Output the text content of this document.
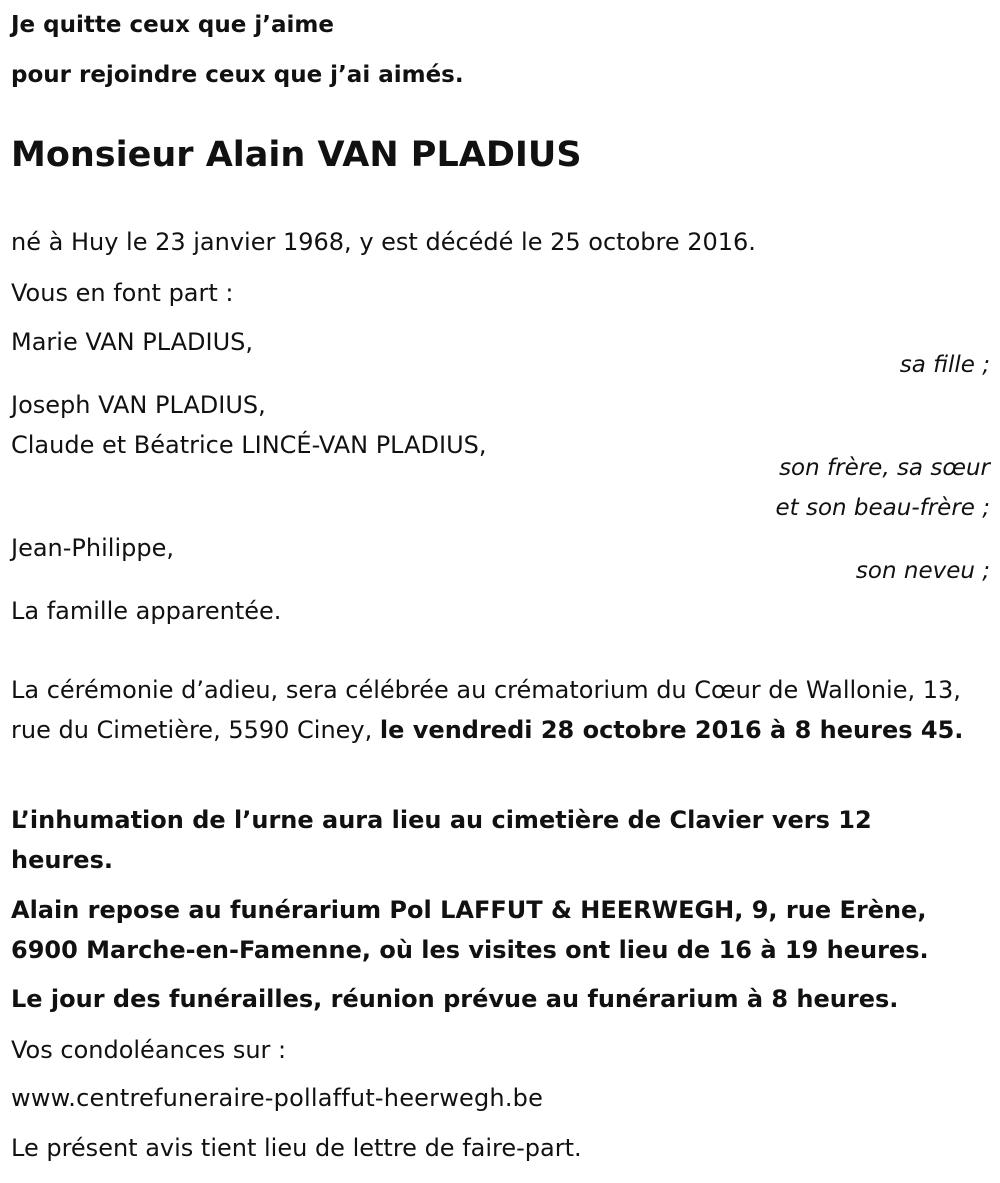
Je quitte ceux que j’aime
pour rejoindre ceux que j’ai aimés.
Monsieur Alain VAN PLADIUS
né à Huy le 23 janvier 1968, y est décédé le 25 octobre 2016.
Vous en font part :
Marie VAN PLADIUS,
sa fille ;
Joseph VAN PLADIUS,
Claude et Béatrice LINCÉ-VAN PLADIUS,
son frère, sa sœur
et son beau-frère ;
Jean-Philippe,
son neveu ;
La famille apparentée.
La cérémonie d’adieu, sera célébrée au crématorium du Cœur de Wallonie, 13, rue du Cimetière, 5590 Ciney, le vendredi 28 octobre 2016 à 8 heures 45.
L’inhumation de l’urne aura lieu au cimetière de Clavier vers 12 heures.
Alain repose au funérarium Pol LAFFUT & HEERWEGH, 9, rue Erène, 6900 Marche-en-Famenne, où les visites ont lieu de 16 à 19 heures.
Le jour des funérailles, réunion prévue au funérarium à 8 heures.
Vos condoléances sur :
www.centrefuneraire-pollaffut-heerwegh.be
Le présent avis tient lieu de lettre de faire-part.
